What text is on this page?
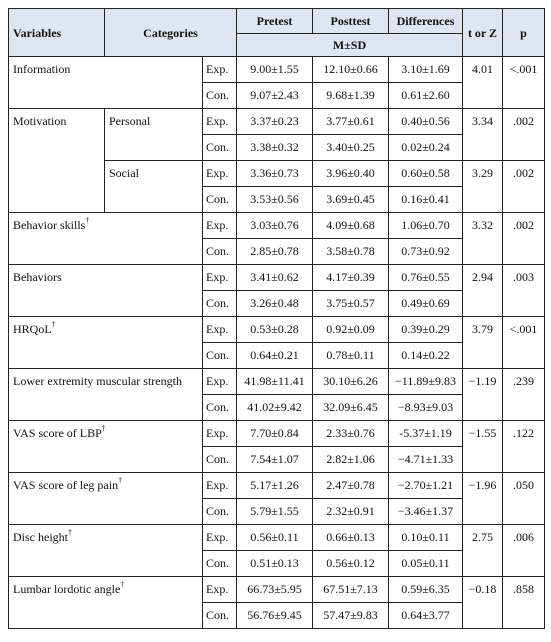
Variables	Categories		Pretest	Posttest	Differences	t or Z	p
			M±SD				
Information		Exp.	9.00±1.55	12.10±0.66	3.10±1.69	4.01	<.001
		Con.	9.07±2.43	9.68±1.39	0.61±2.60		
Motivation	Personal	Exp.	3.37±0.23	3.77±0.61	0.40±0.56	3.34	.002
		Con.	3.38±0.32	3.40±0.25	0.02±0.24		
	Social	Exp.	3.36±0.73	3.96±0.40	0.60±0.58	3.29	.002
		Con.	3.53±0.56	3.69±0.45	0.16±0.41		
Behavior skills†		Exp.	3.03±0.76	4.09±0.68	1.06±0.70	3.32	.002
		Con.	2.85±0.78	3.58±0.78	0.73±0.92		
Behaviors		Exp.	3.41±0.62	4.17±0.39	0.76±0.55	2.94	.003
		Con.	3.26±0.48	3.75±0.57	0.49±0.69		
HRQoL†		Exp.	0.53±0.28	0.92±0.09	0.39±0.29	3.79	<.001
		Con.	0.64±0.21	0.78±0.11	0.14±0.22		
Lower extremity muscular strength		Exp.	41.98±11.41	30.10±6.26	−11.89±9.83	−1.19	.239
		Con.	41.02±9.42	32.09±6.45	−8.93±9.03		
VAS score of LBP†		Exp.	7.70±0.84	2.33±0.76	-5.37±1.19	−1.55	.122
		Con.	7.54±1.07	2.82±1.06	−4.71±1.33		
VAS score of leg pain†		Exp.	5.17±1.26	2.47±0.78	−2.70±1.21	−1.96	.050
		Con.	5.79±1.55	2.32±0.91	−3.46±1.37		
Disc height†		Exp.	0.56±0.11	0.66±0.13	0.10±0.11	2.75	.006
		Con.	0.51±0.13	0.56±0.12	0.05±0.11		
Lumbar lordotic angle†		Exp.	66.73±5.95	67.51±7.13	0.59±6.35	−0.18	.858
		Con.	56.76±9.45	57.47±9.83	0.64±3.77		
